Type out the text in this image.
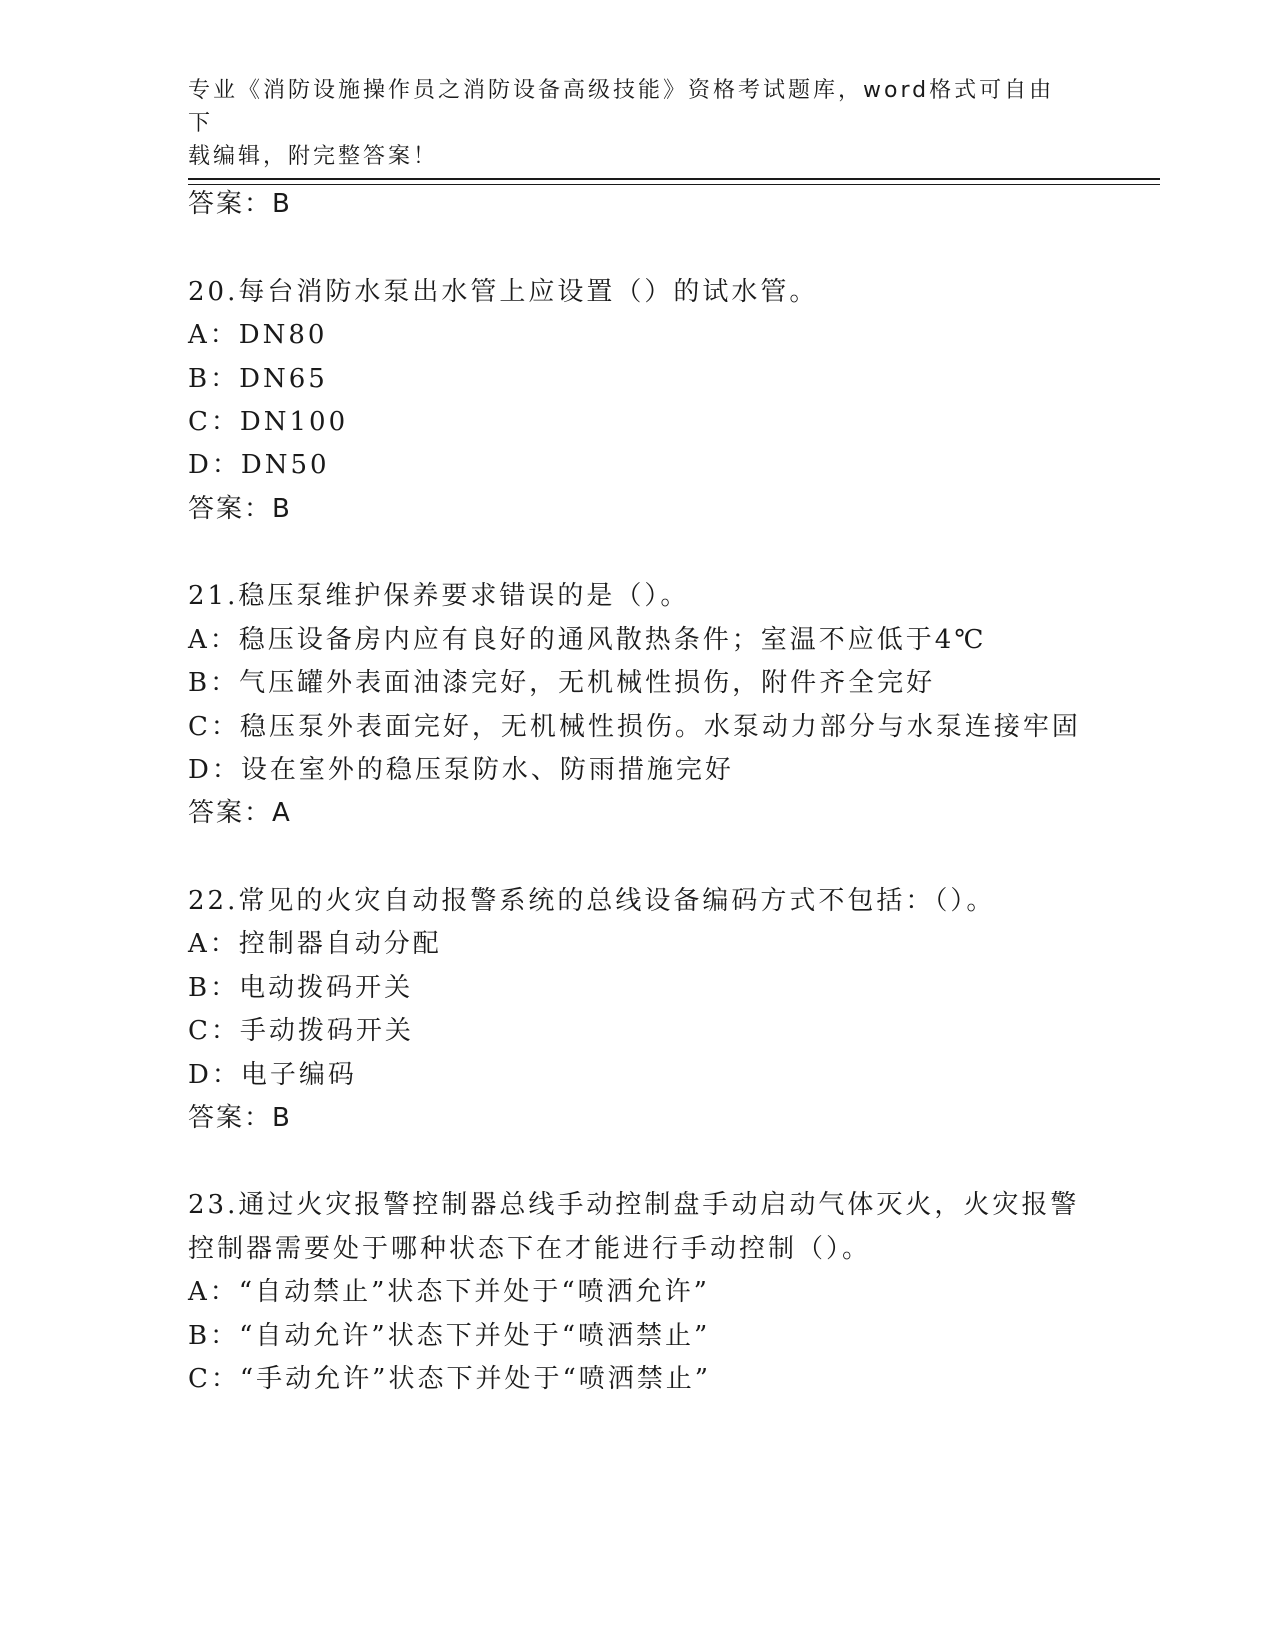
专业《消防设施操作员之消防设备高级技能》资格考试题库，word格式可自由下
载编辑，附完整答案！
答案：B
20.每台消防水泵出水管上应设置（）的试水管。
A：DN80
B：DN65
C：DN100
D：DN50
答案：B
21.稳压泵维护保养要求错误的是（）。
A：稳压设备房内应有良好的通风散热条件；室温不应低于4℃
B：气压罐外表面油漆完好，无机械性损伤，附件齐全完好
C：稳压泵外表面完好，无机械性损伤。水泵动力部分与水泵连接牢固
D：设在室外的稳压泵防水、防雨措施完好
答案：A
22.常见的火灾自动报警系统的总线设备编码方式不包括：（）。
A：控制器自动分配
B：电动拨码开关
C：手动拨码开关
D：电子编码
答案：B
23.通过火灾报警控制器总线手动控制盘手动启动气体灭火，火灾报警
控制器需要处于哪种状态下在才能进行手动控制（）。
A：“自动禁止”状态下并处于“喷洒允许”
B：“自动允许”状态下并处于“喷洒禁止”
C：“手动允许”状态下并处于“喷洒禁止”
